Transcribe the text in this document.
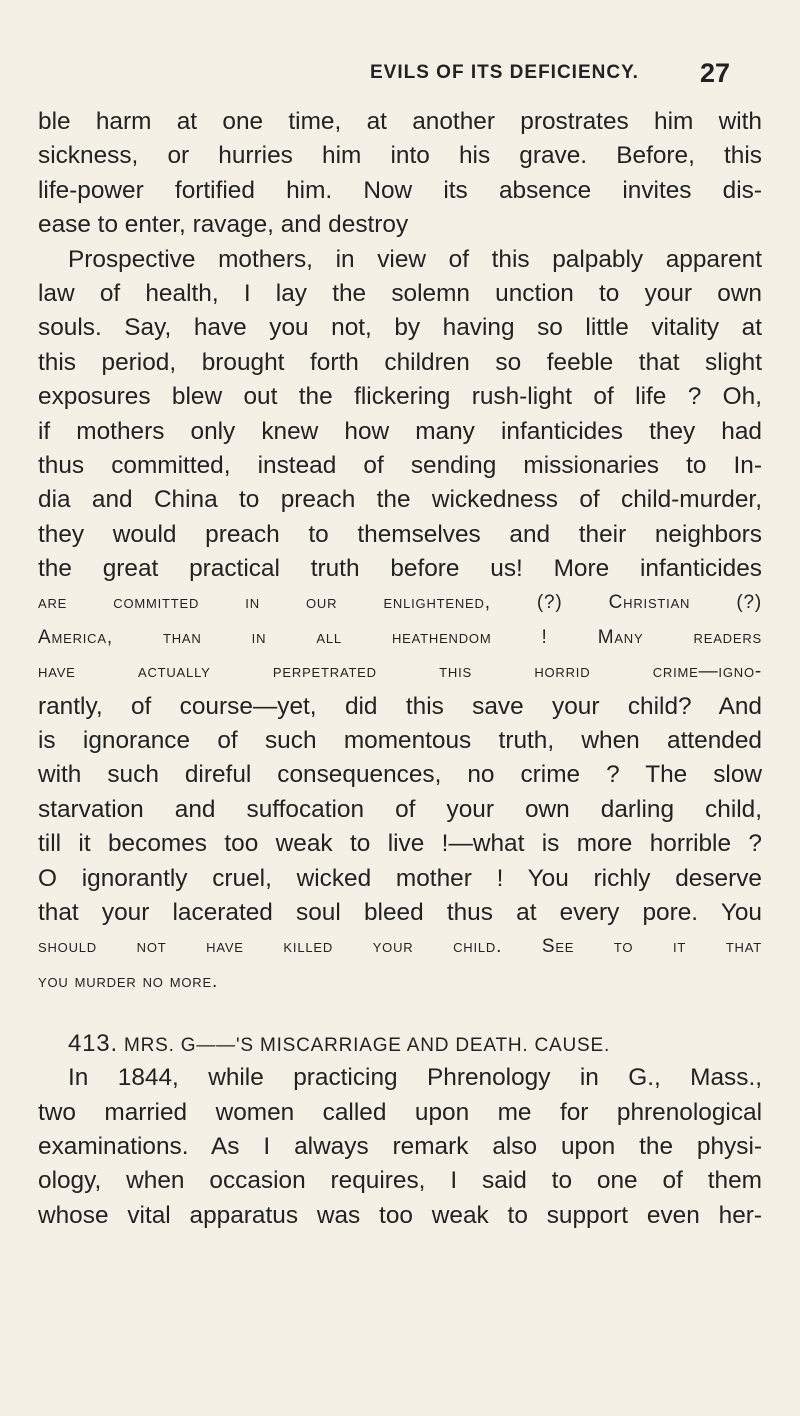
EVILS OF ITS DEFICIENCY. 27
ble harm at one time, at another prostrates him with
sickness, or hurries him into his grave. Before, this
life-power fortified him. Now its absence invites dis-
ease to enter, ravage, and destroy
Prospective mothers, in view of this palpably apparent
law of health, I lay the solemn unction to your own
souls. Say, have you not, by having so little vitality at
this period, brought forth children so feeble that slight
exposures blew out the flickering rush-light of life ? Oh,
if mothers only knew how many infanticides they had
thus committed, instead of sending missionaries to In-
dia and China to preach the wickedness of child-murder,
they would preach to themselves and their neighbors
the great practical truth before us! More infanticides
are committed in our enlightened, (?) Christian (?)
America, than in all heathendom ! Many readers
have actually perpetrated this horrid crime—igno-
rantly, of course—yet, did this save your child? And
is ignorance of such momentous truth, when attended
with such direful consequences, no crime ? The slow
starvation and suffocation of your own darling child,
till it becomes too weak to live !—what is more horrible ?
O ignorantly cruel, wicked mother ! You richly deserve
that your lacerated soul bleed thus at every pore. You
should not have killed your child. See to it that
you murder no more.
413. MRS. G——'S MISCARRIAGE AND DEATH. CAUSE.
In 1844, while practicing Phrenology in G., Mass.,
two married women called upon me for phrenological
examinations. As I always remark also upon the physi-
ology, when occasion requires, I said to one of them
whose vital apparatus was too weak to support even her-
